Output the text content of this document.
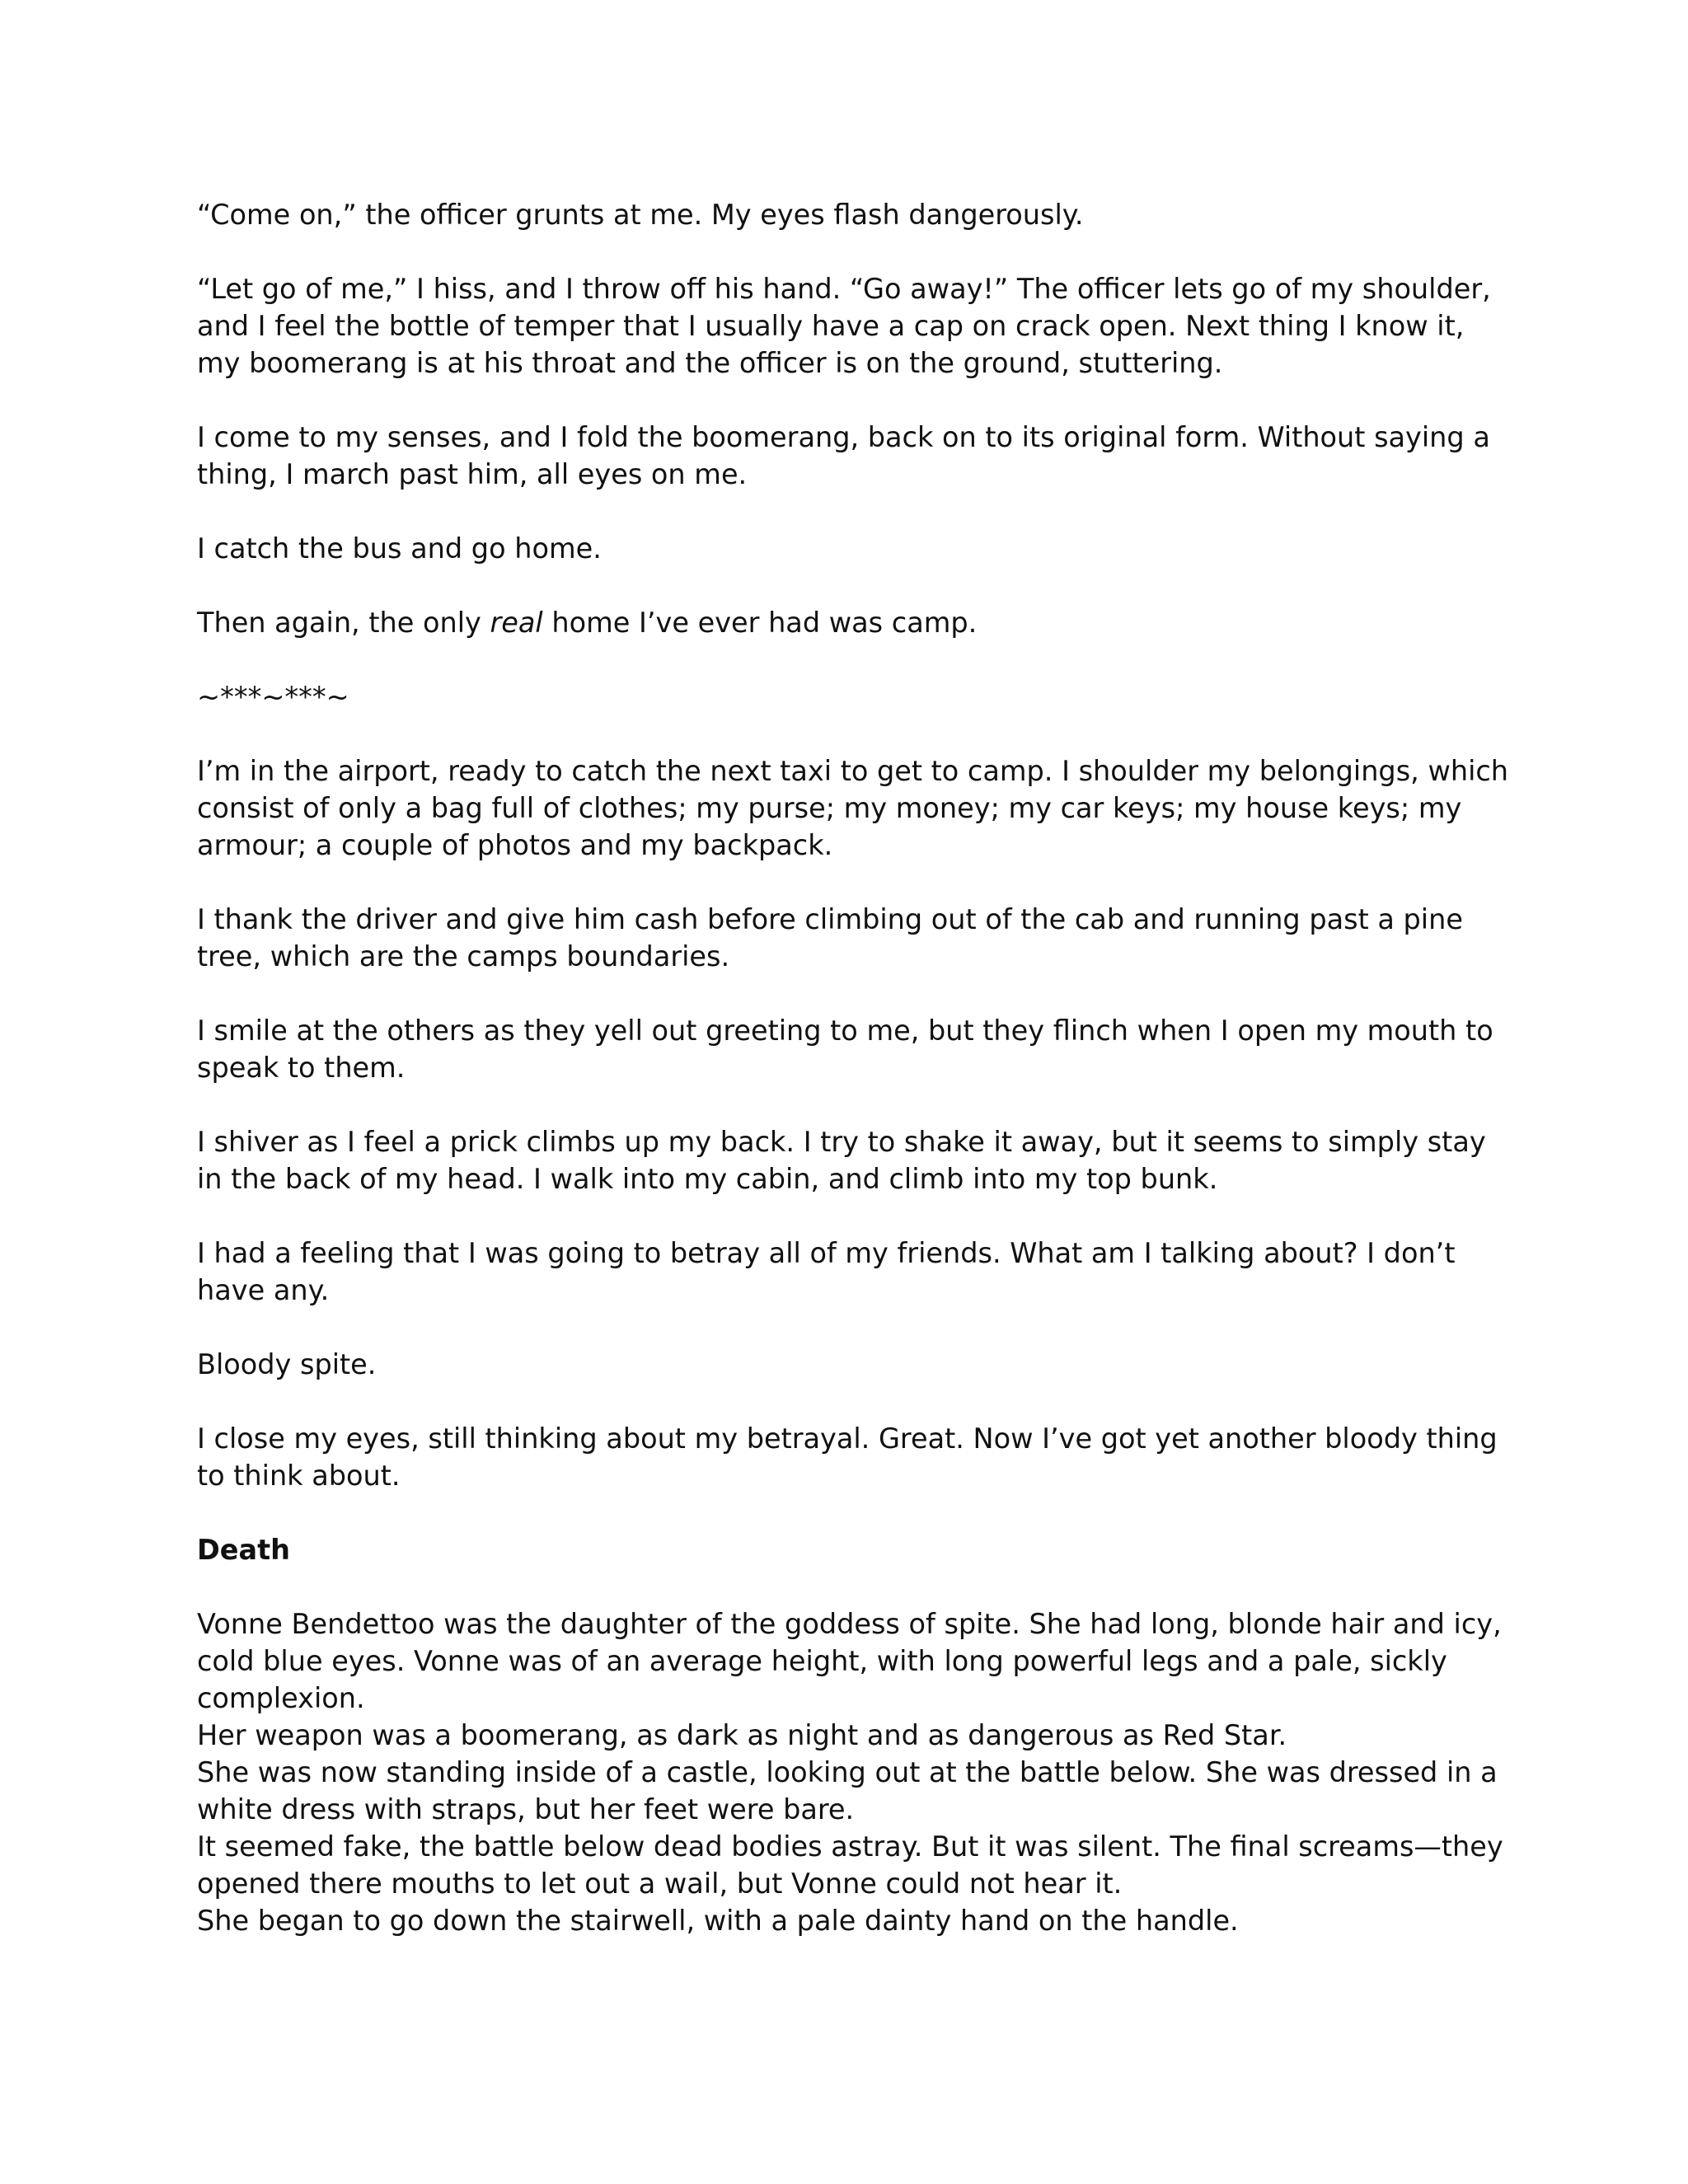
“Come on,” the officer grunts at me. My eyes flash dangerously.

“Let go of me,” I hiss, and I throw off his hand. “Go away!” The officer lets go of my shoulder, and I feel the bottle of temper that I usually have a cap on crack open. Next thing I know it, my boomerang is at his throat and the officer is on the ground, stuttering.

I come to my senses, and I fold the boomerang, back on to its original form. Without saying a thing, I march past him, all eyes on me.

I catch the bus and go home.

Then again, the only real home I’ve ever had was camp.

~***~***~

I’m in the airport, ready to catch the next taxi to get to camp. I shoulder my belongings, which consist of only a bag full of clothes; my purse; my money; my car keys; my house keys; my armour; a couple of photos and my backpack.

I thank the driver and give him cash before climbing out of the cab and running past a pine tree, which are the camps boundaries.

I smile at the others as they yell out greeting to me, but they flinch when I open my mouth to speak to them.

I shiver as I feel a prick climbs up my back. I try to shake it away, but it seems to simply stay in the back of my head. I walk into my cabin, and climb into my top bunk.

I had a feeling that I was going to betray all of my friends. What am I talking about? I don’t have any.

Bloody spite.

I close my eyes, still thinking about my betrayal. Great. Now I’ve got yet another bloody thing to think about.

Death

Vonne Bendettoo was the daughter of the goddess of spite. She had long, blonde hair and icy, cold blue eyes. Vonne was of an average height, with long powerful legs and a pale, sickly complexion.

Her weapon was a boomerang, as dark as night and as dangerous as Red Star.

She was now standing inside of a castle, looking out at the battle below. She was dressed in a white dress with straps, but her feet were bare.

It seemed fake, the battle below dead bodies astray. But it was silent. The final screams—they opened there mouths to let out a wail, but Vonne could not hear it.

She began to go down the stairwell, with a pale dainty hand on the handle.
